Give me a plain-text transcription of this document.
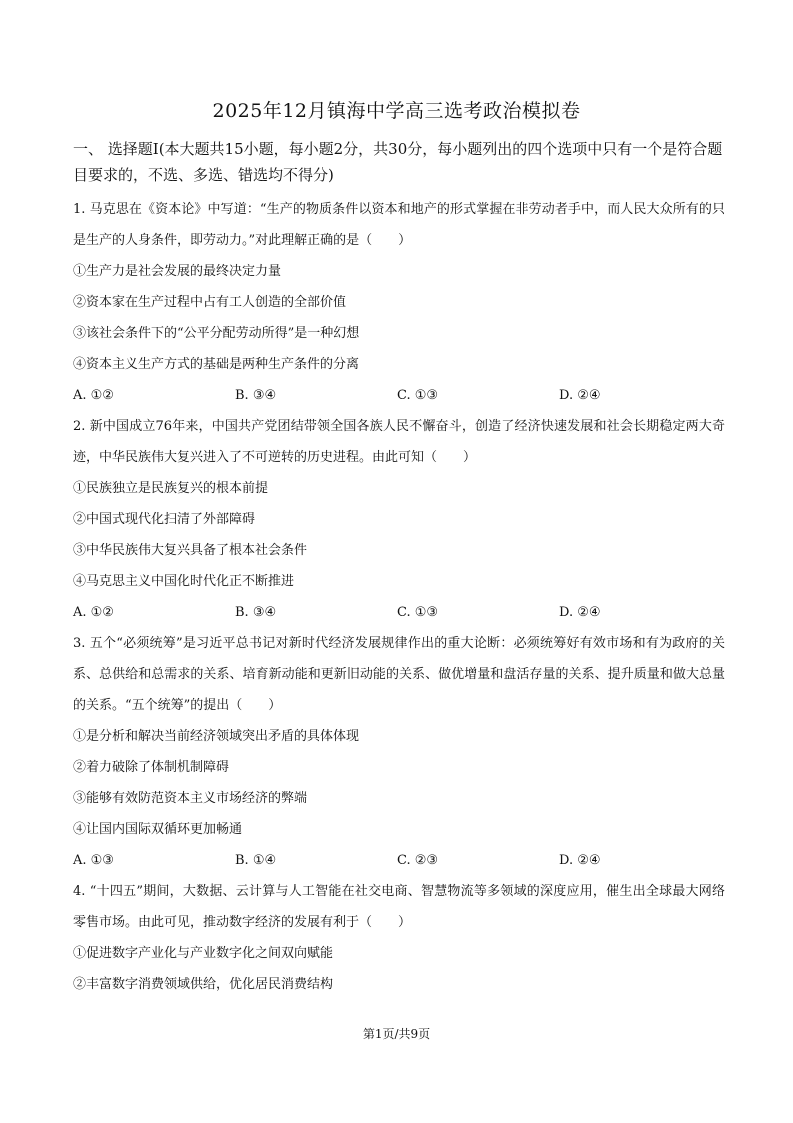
2025年12月镇海中学高三选考政治模拟卷
一、 选择题Ⅰ(本大题共15小题，每小题2分，共30分，每小题列出的四个选项中只有一个是符合题目要求的，不选、多选、错选均不得分)
1. 马克思在《资本论》中写道：“生产的物质条件以资本和地产的形式掌握在非劳动者手中，而人民大众所有的只是生产的人身条件，即劳动力。”对此理解正确的是（　　）
①生产力是社会发展的最终决定力量
②资本家在生产过程中占有工人创造的全部价值
③该社会条件下的“公平分配劳动所得”是一种幻想
④资本主义生产方式的基础是两种生产条件的分离
A. ①②	B. ③④	C. ①③	D. ②④
2. 新中国成立76年来，中国共产党团结带领全国各族人民不懈奋斗，创造了经济快速发展和社会长期稳定两大奇迹，中华民族伟大复兴进入了不可逆转的历史进程。由此可知（　　）
①民族独立是民族复兴的根本前提
②中国式现代化扫清了外部障碍
③中华民族伟大复兴具备了根本社会条件
④马克思主义中国化时代化正不断推进
A. ①②	B. ③④	C. ①③	D. ②④
3. 五个“必须统筹”是习近平总书记对新时代经济发展规律作出的重大论断：必须统筹好有效市场和有为政府的关系、总供给和总需求的关系、培育新动能和更新旧动能的关系、做优增量和盘活存量的关系、提升质量和做大总量的关系。“五个统筹”的提出（　　）
①是分析和解决当前经济领域突出矛盾的具体体现
②着力破除了体制机制障碍
③能够有效防范资本主义市场经济的弊端
④让国内国际双循环更加畅通
A. ①③	B. ①④	C. ②③	D. ②④
4. “十四五”期间，大数据、云计算与人工智能在社交电商、智慧物流等多领域的深度应用，催生出全球最大网络零售市场。由此可见，推动数字经济的发展有利于（　　）
①促进数字产业化与产业数字化之间双向赋能
②丰富数字消费领域供给，优化居民消费结构
第1页/共9页
